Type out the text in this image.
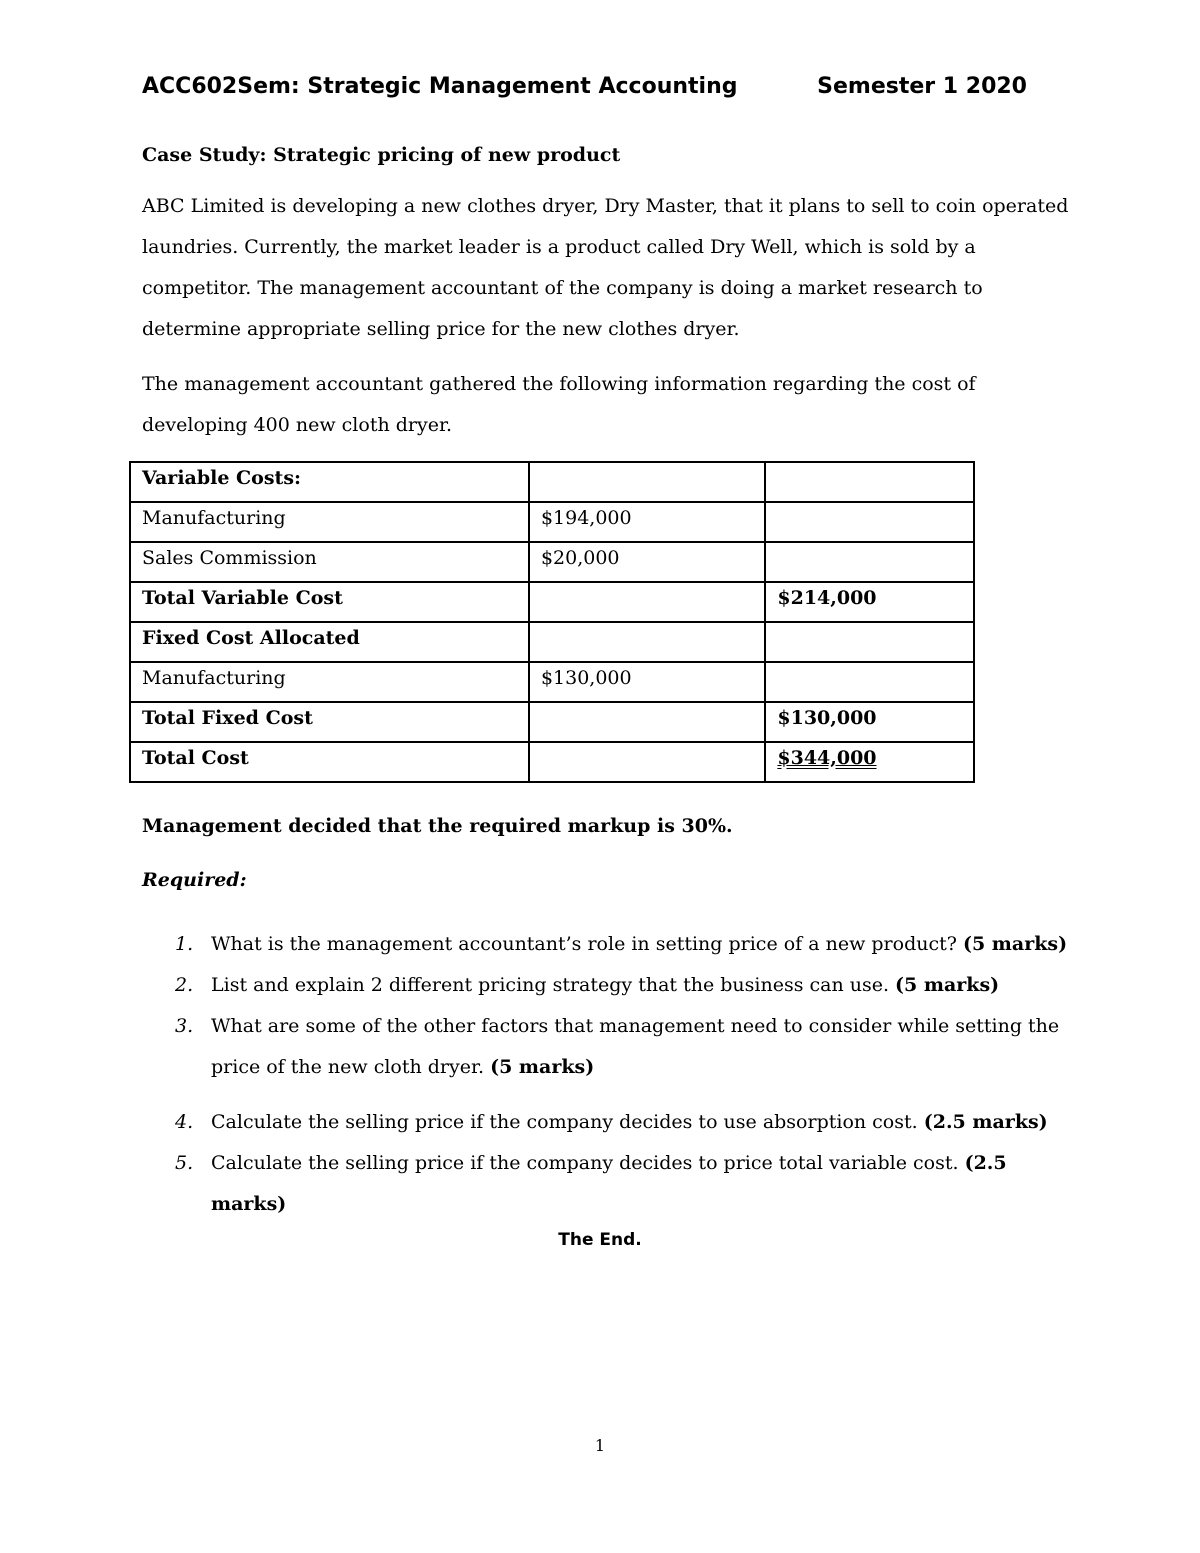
ACC602Sem: Strategic Management Accounting	Semester 1 2020
Case Study: Strategic pricing of new product

ABC Limited is developing a new clothes dryer, Dry Master, that it plans to sell to coin operated laundries. Currently, the market leader is a product called Dry Well, which is sold by a competitor. The management accountant of the company is doing a market research to determine appropriate selling price for the new clothes dryer.

The management accountant gathered the following information regarding the cost of developing 400 new cloth dryer.

Variable Costs:		
Manufacturing	$194,000	
Sales Commission	$20,000	
Total Variable Cost		$214,000
Fixed Cost Allocated		
Manufacturing	$130,000	
Total Fixed Cost		$130,000
Total Cost		$344,000
Management decided that the required markup is 30%.
Required:
1. What is the management accountant’s role in setting price of a new product? (5 marks)
2. List and explain 2 different pricing strategy that the business can use. (5 marks)
3. What are some of the other factors that management need to consider while setting the price of the new cloth dryer. (5 marks)
4. Calculate the selling price if the company decides to use absorption cost. (2.5 marks)
5. Calculate the selling price if the company decides to price total variable cost. (2.5 marks)
The End.
1
